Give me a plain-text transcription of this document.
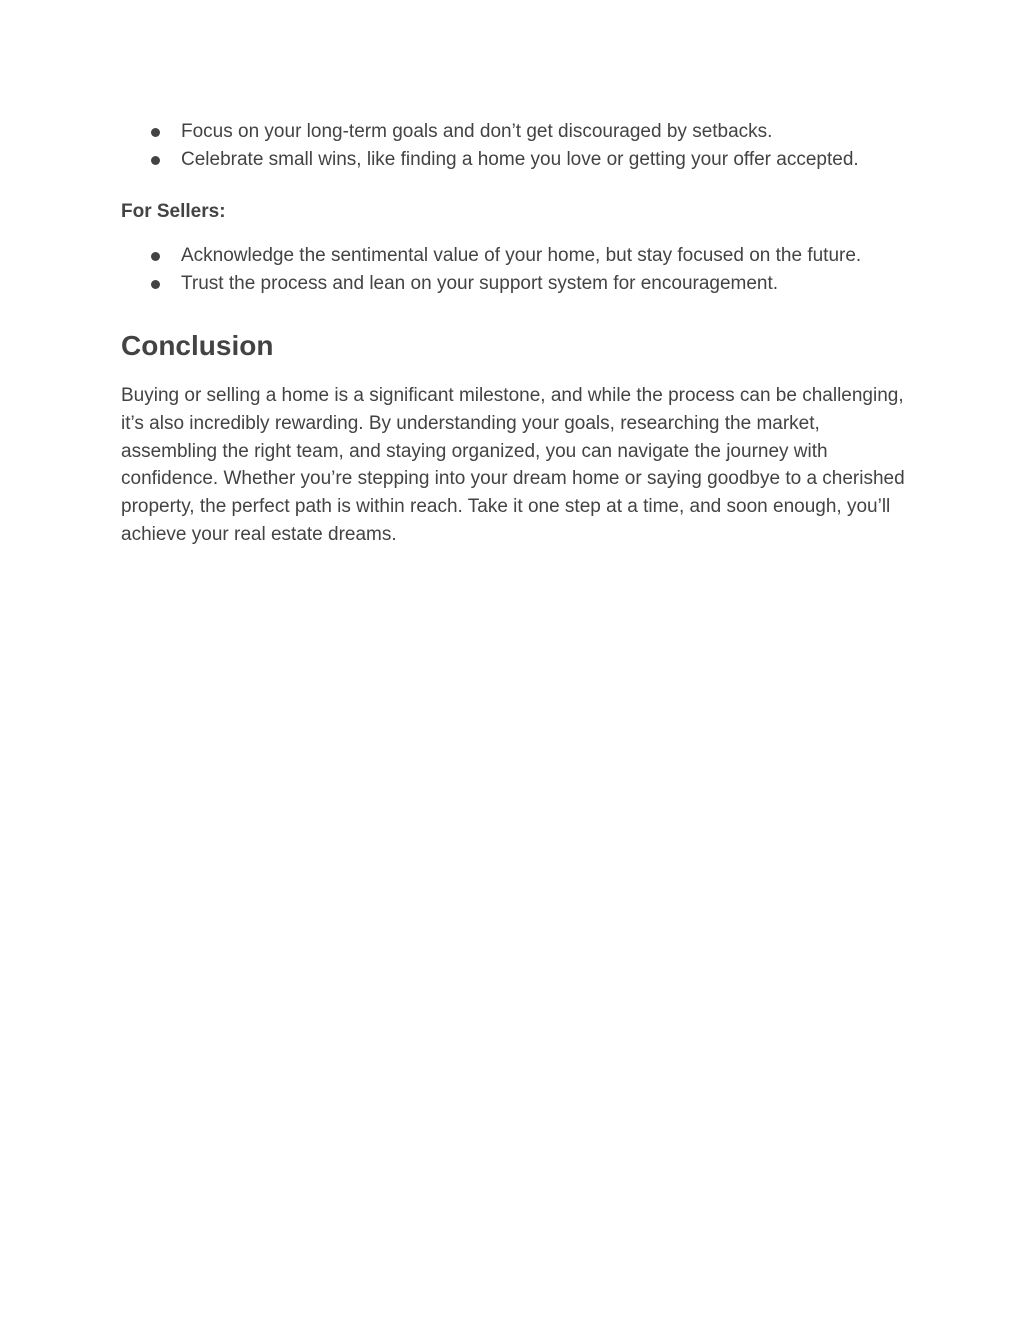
Focus on your long-term goals and don’t get discouraged by setbacks.
Celebrate small wins, like finding a home you love or getting your offer accepted.
For Sellers:
Acknowledge the sentimental value of your home, but stay focused on the future.
Trust the process and lean on your support system for encouragement.
Conclusion

Buying or selling a home is a significant milestone, and while the process can be challenging, it’s also incredibly rewarding. By understanding your goals, researching the market, assembling the right team, and staying organized, you can navigate the journey with confidence. Whether you’re stepping into your dream home or saying goodbye to a cherished property, the perfect path is within reach. Take it one step at a time, and soon enough, you’ll achieve your real estate dreams.
